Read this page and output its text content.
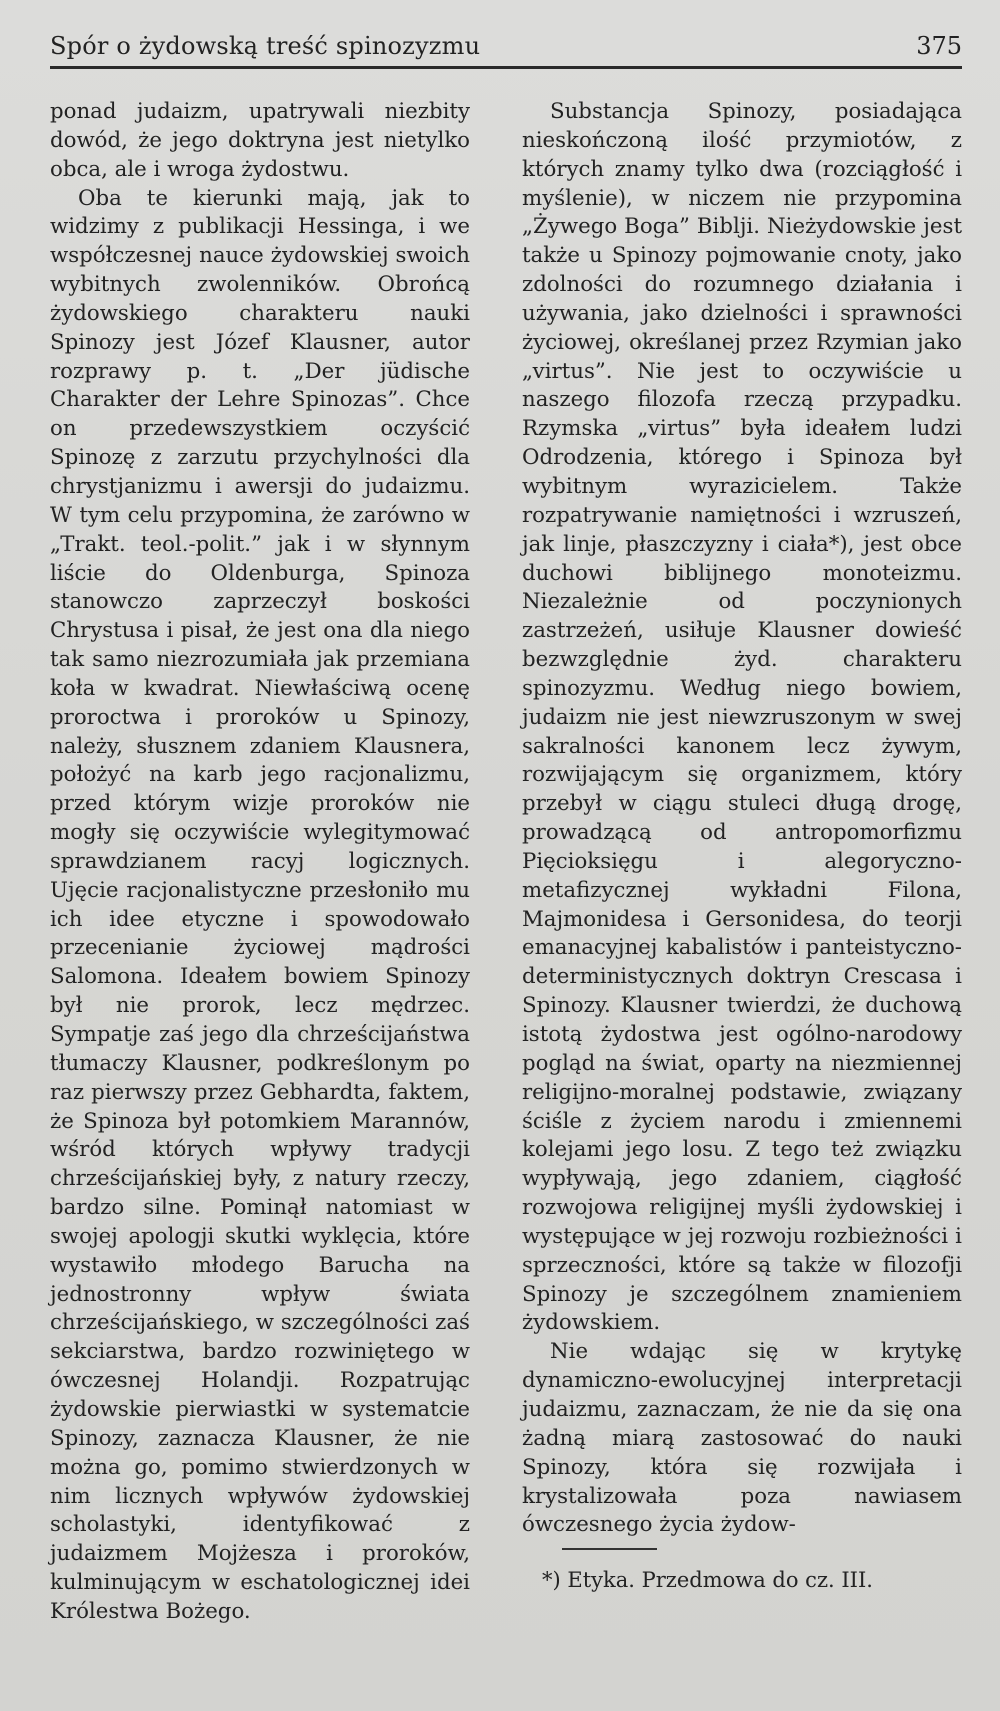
Spór o żydowską treść spinozyzmu	375

ponad judaizm, upatrywali niezbity dowód, że jego doktryna jest nietylko obca, ale i wroga żydostwu.

Oba te kierunki mają, jak to widzimy z publikacji Hessinga, i we współczesnej nauce żydowskiej swoich wybitnych zwolenników. Obrońcą żydowskiego charakteru nauki Spinozy jest Józef Klausner, autor rozprawy p. t. „Der jüdische Charakter der Lehre Spinozas”. Chce on przedewszystkiem oczyścić Spinozę z zarzutu przychylności dla chrystjanizmu i awersji do judaizmu. W tym celu przypomina, że zarówno w „Trakt. teol.-polit.” jak i w słynnym liście do Oldenburga, Spinoza stanowczo zaprzeczył boskości Chrystusa i pisał, że jest ona dla niego tak samo niezrozumiała jak przemiana koła w kwadrat. Niewłaściwą ocenę proroctwa i proroków u Spinozy, należy, słusznem zdaniem Klausnera, położyć na karb jego racjonalizmu, przed którym wizje proroków nie mogły się oczywiście wylegitymować sprawdzianem racyj logicznych. Ujęcie racjonalistyczne przesłoniło mu ich idee etyczne i spowodowało przecenianie życiowej mądrości Salomona. Ideałem bowiem Spinozy był nie prorok, lecz mędrzec. Sympatje zaś jego dla chrześcijaństwa tłumaczy Klausner, podkreślonym po raz pierwszy przez Gebhardta, faktem, że Spinoza był potomkiem Marannów, wśród których wpływy tradycji chrześcijańskiej były, z natury rzeczy, bardzo silne. Pominął natomiast w swojej apologji skutki wyklęcia, które wystawiło młodego Barucha na jednostronny wpływ świata chrześcijańskiego, w szczególności zaś sekciarstwa, bardzo rozwiniętego w ówczesnej Holandji. Rozpatrując żydowskie pierwiastki w systematcie Spinozy, zaznacza Klausner, że nie można go, pomimo stwierdzonych w nim licznych wpływów żydowskiej scholastyki, identyfikować z judaizmem Mojżesza i proroków, kulminującym w eschatologicznej idei Królestwa Bożego.

Substancja Spinozy, posiadająca nieskończoną ilość przymiotów, z których znamy tylko dwa (rozciągłość i myślenie), w niczem nie przypomina „Żywego Boga” Biblji. Nieżydowskie jest także u Spinozy pojmowanie cnoty, jako zdolności do rozumnego działania i używania, jako dzielności i sprawności życiowej, określanej przez Rzymian jako „virtus”. Nie jest to oczywiście u naszego filozofa rzeczą przypadku. Rzymska „virtus” była ideałem ludzi Odrodzenia, którego i Spinoza był wybitnym wyrazicielem. Także rozpatrywanie namiętności i wzruszeń, jak linje, płaszczyzny i ciała*), jest obce duchowi biblijnego monoteizmu. Niezależnie od poczynionych zastrzeżeń, usiłuje Klausner dowieść bezwzględnie żyd. charakteru spinozyzmu. Według niego bowiem, judaizm nie jest niewzruszonym w swej sakralności kanonem lecz żywym, rozwijającym się organizmem, który przebył w ciągu stuleci długą drogę, prowadzącą od antropomorfizmu Pięcioksięgu i alegoryczno-metafizycznej wykładni Filona, Majmonidesa i Gersonidesa, do teorji emanacyjnej kabalistów i panteistyczno-deterministycznych doktryn Crescasa i Spinozy. Klausner twierdzi, że duchową istotą żydostwa jest ogólno-narodowy pogląd na świat, oparty na niezmiennej religijno-moralnej podstawie, związany ściśle z życiem narodu i zmiennemi kolejami jego losu. Z tego też związku wypływają, jego zdaniem, ciągłość rozwojowa religijnej myśli żydowskiej i występujące w jej rozwoju rozbieżności i sprzeczności, które są także w filozofji Spinozy je szczególnem znamieniem żydowskiem.

Nie wdając się w krytykę dynamiczno-ewolucyjnej interpretacji judaizmu, zaznaczam, że nie da się ona żadną miarą zastosować do nauki Spinozy, która się rozwijała i krystalizowała poza nawiasem ówczesnego życia żydow-

*) Etyka. Przedmowa do cz. III.
